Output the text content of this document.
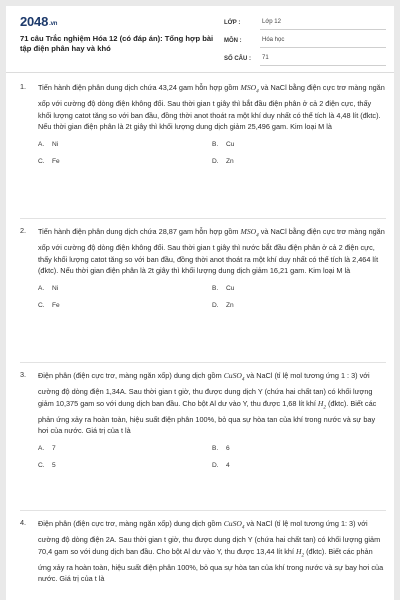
2048.vn
71 câu Trắc nghiệm Hóa 12 (có đáp án): Tổng hợp bài tập điện phân hay và khó
LỚP :	Lớp 12
MÔN :	Hóa học
SỐ CÂU :	71
1.	Tiến hành điện phân dung dịch chứa 43,24 gam hỗn hợp gồm $MSO_4$ và NaCl bằng điện cực trơ màng ngăn xốp với cường độ dòng điện không đổi. Sau thời gian t giây thì bắt đầu điện phân ở cả 2 điện cực, thấy khối lượng catot tăng so với ban đầu, đồng thời anot thoát ra một khí duy nhất có thể tích là 4,48 lít (đktc). Nếu thời gian điện phân là 2t giây thì khối lượng dung dịch giảm 25,496 gam. Kim loại M là
A. Ni	B. Cu
C. Fe	D. Zn
2.	Tiến hành điện phân dung dịch chứa 28,87 gam hỗn hợp gồm $MSO_4$ và NaCl bằng điện cực trơ màng ngăn xốp với cường độ dòng điện không đổi. Sau thời gian t giây thì nước bắt đầu điện phân ở cả 2 điện cực, thấy khối lượng catot tăng so với ban đầu, đồng thời anot thoát ra một khí duy nhất có thể tích là 2,464 lít (đktc). Nếu thời gian điện phân là 2t giây thì khối lượng dung dịch giảm 16,21 gam. Kim loại M là
A. Ni	B. Cu
C. Fe	D. Zn
3.	Điện phân (điện cực trơ, màng ngăn xốp) dung dịch gồm CuSO$_4$ và NaCl (tỉ lệ mol tương ứng 1 : 3) với cường độ dòng điện 1,34A. Sau thời gian t giờ, thu được dung dịch Y (chứa hai chất tan) có khối lượng giảm 10,375 gam so với dung dịch ban đầu. Cho bột Al dư vào Y, thu được 1,68 lít khí $H_2$ (đktc). Biết các phản ứng xảy ra hoàn toàn, hiệu suất điện phân 100%, bỏ qua sự hòa tan của khí trong nước và sự bay hơi của nước. Giá trị của t là
A. 7	B. 6
C. 5	D. 4
4.	Điện phân (điện cực trơ, màng ngăn xốp) dung dịch gồm CuSO$_4$ và NaCl (tỉ lệ mol tương ứng 1: 3) với cường độ dòng điện 2A. Sau thời gian t giờ, thu được dung dịch Y (chứa hai chất tan) có khối lượng giảm 70,4 gam so với dung dịch ban đầu. Cho bột Al dư vào Y, thu được 13,44 lít khí $H_2$ (đktc). Biết các phản ứng xảy ra hoàn toàn, hiệu suất điện phân 100%, bỏ qua sự hòa tan của khí trong nước và sự bay hơi của nước. Giá trị của t là
